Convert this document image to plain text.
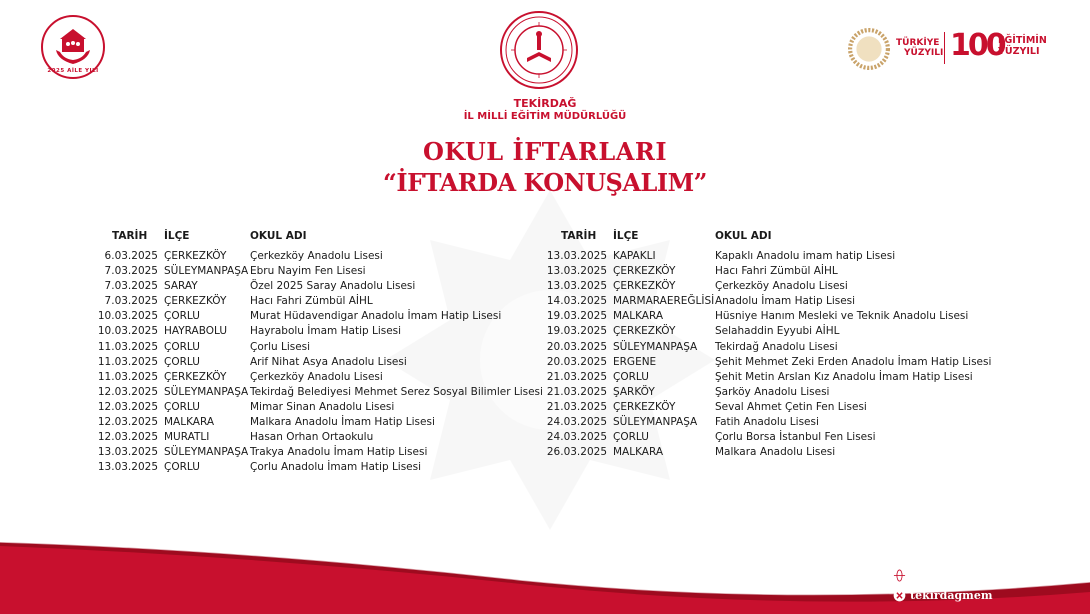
2025 AİLE YILI
TÜRKİYE
YÜZYILI 100
EĞİTİMİN
YÜZYILI
TEKİRDAĞ
İL MİLLİ EĞİTİM MÜDÜRLÜĞÜ
OKUL İFTARLARI
“İFTARDA KONUŞALIM”
TARİH	İLÇE	OKUL ADI
6.03.2025 ÇERKEZKÖY	Çerkezköy Anadolu Lisesi
7.03.2025 SÜLEYMANPAŞA Ebru Nayim Fen Lisesi
7.03.2025 SARAY	Özel 2025 Saray Anadolu Lisesi
7.03.2025 ÇERKEZKÖY	Hacı Fahri Zümbül AİHL
10.03.2025 ÇORLU	Murat Hüdavendigar Anadolu İmam Hatip Lisesi
10.03.2025 HAYRABOLU	Hayrabolu İmam Hatip Lisesi
11.03.2025 ÇORLU	Çorlu Lisesi
11.03.2025 ÇORLU	Arif Nihat Asya Anadolu Lisesi
11.03.2025 ÇERKEZKÖY	Çerkezköy Anadolu Lisesi
12.03.2025 SÜLEYMANPAŞA Tekirdağ Belediyesi Mehmet Serez Sosyal Bilimler Lisesi
12.03.2025 ÇORLU	Mimar Sinan Anadolu Lisesi
12.03.2025 MALKARA	Malkara Anadolu İmam Hatip Lisesi
12.03.2025 MURATLI	Hasan Orhan Ortaokulu
13.03.2025 SÜLEYMANPAŞA Trakya Anadolu İmam Hatip Lisesi
13.03.2025 ÇORLU	Çorlu Anadolu İmam Hatip Lisesi
TARİH	İLÇE	OKUL ADI
13.03.2025 KAPAKLI	Kapaklı Anadolu imam hatip Lisesi
13.03.2025 ÇERKEZKÖY	Hacı Fahri Zümbül AİHL
13.03.2025 ÇERKEZKÖY	Çerkezköy Anadolu Lisesi
14.03.2025 MARMARAEREĞLİSİ Anadolu İmam Hatip Lisesi
19.03.2025 MALKARA	Hüsniye Hanım Mesleki ve Teknik Anadolu Lisesi
19.03.2025 ÇERKEZKÖY	Selahaddin Eyyubi AİHL
20.03.2025 SÜLEYMANPAŞA	Tekirdağ Anadolu Lisesi
20.03.2025 ERGENE	Şehit Mehmet Zeki Erden Anadolu İmam Hatip Lisesi
21.03.2025 ÇORLU	Şehit Metin Arslan Kız Anadolu İmam Hatip Lisesi
21.03.2025 ŞARKÖY	Şarköy Anadolu Lisesi
21.03.2025 ÇERKEZKÖY	Seval Ahmet Çetin Fen Lisesi
24.03.2025 SÜLEYMANPAŞA	Fatih Anadolu Lisesi
24.03.2025 ÇORLU	Çorlu Borsa İstanbul Fen Lisesi
26.03.2025 MALKARA	Malkara Anadolu Lisesi
tekirdag.meb.gov.tr
tekirdagmem
